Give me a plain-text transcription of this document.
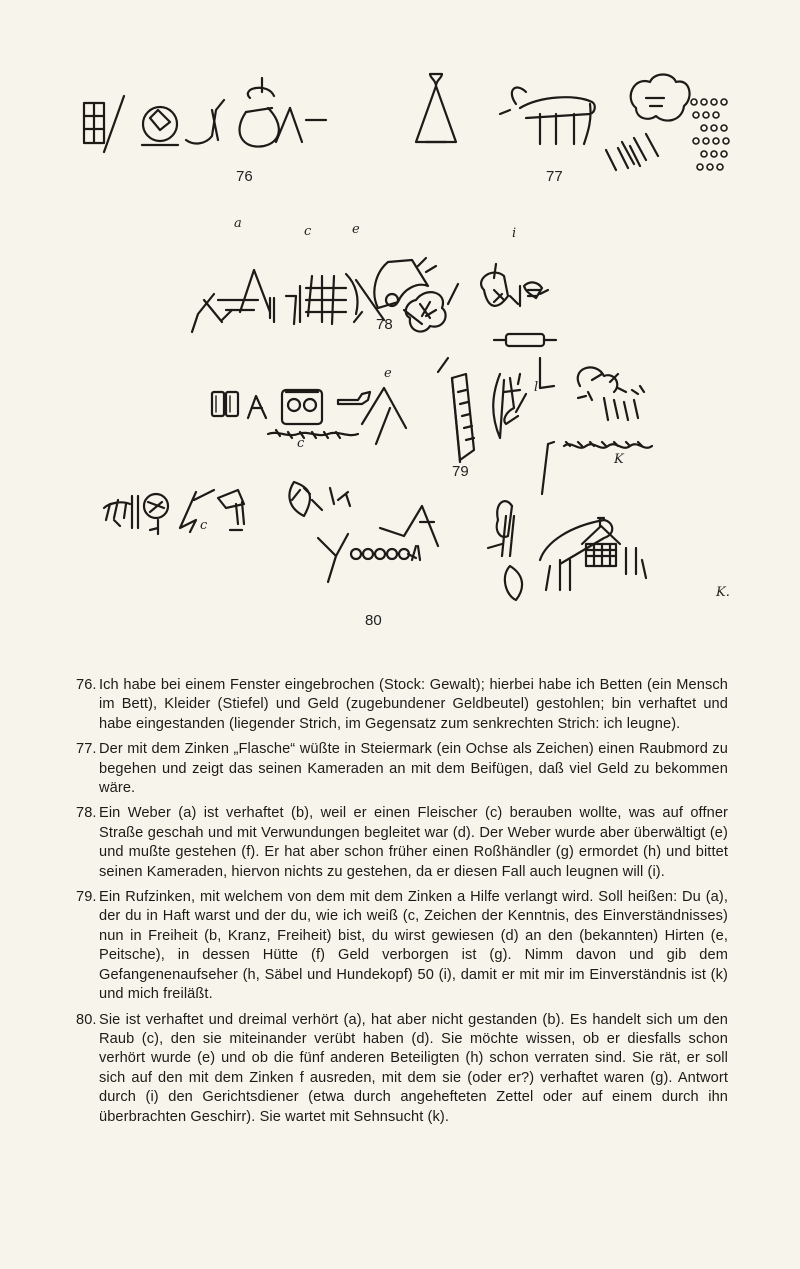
76	77
78
79
80
a
c	e	i
l
c
e
K
c
K.

76. Ich habe bei einem Fenster eingebrochen (Stock: Gewalt); hierbei habe ich Betten (ein Mensch im Bett), Kleider (Stiefel) und Geld (zugebundener Geldbeutel) gestohlen; bin verhaftet und habe eingestanden (liegender Strich, im Gegensatz zum senkrechten Strich: ich leugne).

77. Der mit dem Zinken „Flasche“ wüßte in Steiermark (ein Ochse als Zeichen) einen Raubmord zu begehen und zeigt das seinen Kameraden an mit dem Beifügen, daß viel Geld zu bekommen wäre.

78. Ein Weber (a) ist verhaftet (b), weil er einen Fleischer (c) berauben wollte, was auf offner Straße geschah und mit Verwundungen begleitet war (d). Der Weber wurde aber überwältigt (e) und mußte gestehen (f). Er hat aber schon früher einen Roßhändler (g) ermordet (h) und bittet seinen Kameraden, hiervon nichts zu gestehen, da er diesen Fall auch leugnen will (i).

79. Ein Rufzinken, mit welchem von dem mit dem Zinken a Hilfe verlangt wird. Soll heißen: Du (a), der du in Haft warst und der du, wie ich weiß (c, Zeichen der Kenntnis, des Einverständnisses) nun in Freiheit (b, Kranz, Freiheit) bist, du wirst gewiesen (d) an den (bekannten) Hirten (e, Peitsche), in dessen Hütte (f) Geld verborgen ist (g). Nimm davon und gib dem Gefangenenaufseher (h, Säbel und Hundekopf) 50 (i), damit er mit mir im Einverständnis ist (k) und mich freiläßt.

80. Sie ist verhaftet und dreimal verhört (a), hat aber nicht gestanden (b). Es handelt sich um den Raub (c), den sie miteinander verübt haben (d). Sie möchte wissen, ob er diesfalls schon verhört wurde (e) und ob die fünf anderen Beteiligten (h) schon verraten sind. Sie rät, er soll sich auf den mit dem Zinken f ausreden, mit dem sie (oder er?) verhaftet waren (g). Antwort durch (i) den Gerichtsdiener (etwa durch angehefteten Zettel oder auf einem durch ihn überbrachten Geschirr). Sie wartet mit Sehnsucht (k).
